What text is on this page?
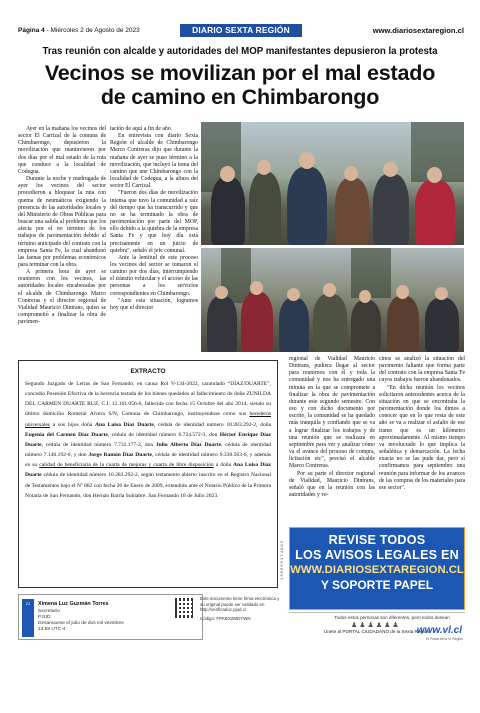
Página 4 - Miércoles 2 de Agosto de 2023	DIARIO SEXTA REGIÓN	www.diariosextaregion.cl
Tras reunión con alcalde y autoridades del MOP manifestantes depusieron la protesta
Vecinos se movilizan por el mal estado
de camino en Chimbarongo

Ayer en la mañana los vecinos del sector El Carrizal de la comuna de Chimbarongo, depusieron la movilización que mantuvieron por dos días por el mal estado de la ruta que conduce a la localidad de Codegua.

Durante la noche y madrugada de ayer los vecinos del sector procedieron a bloquear la ruta con quema de neumáticos exigiendo la presencia de las autoridades locales y del Ministerio de Obras Públicas para buscar una salida al problema que los afecta por el no término de los trabajos de pavimentación debido al término anticipado del contrato con la empresa Santa Fe, la cual abandonó las faenas por problemas económicos para terminar con la obra.

A primera hora de ayer se reunieron con los vecinos, las autoridades locales encabezadas por el alcalde de Chimbarongo Marco Contreras y el director regional de Vialidad Mauricio Dintrans, quien se comprometió a finalizar la obra de pavimen-

tación de aquí a fin de año.

En entrevista con diario Sexta Región el alcalde de Chimbarongo Marco Contreras dijo que durante la mañana de ayer se puso término a la movilización, que incluyó la toma del camino que une Chimbarongo con la localidad de Codegua, a la altura del sector El Carrizal.

"Fueron dos días de movilización intensa que tuvo la comunidad a raíz del tiempo que ha transcurrido y que no se ha terminado la obra de pavimentación por parte del MOP, ello debido a la quiebra de la empresa Santa Fe y que hoy día está precisamente en un juicio de quiebra", señaló el jefe comunal.

Ante la lentitud de este proceso los vecinos del sector se tomaron el camino por dos días, interrumpiendo el tránsito vehicular y el acceso de las personas a los servicios correspondientes en Chimbarongo.

"Ante esta situación, logramos hoy que el director

EXTRACTO
Segundo Juzgado de Letras de San Fernando, en causa Rol V-134-2022, caratulado “DÍAZ/DUARTE”, concedió Posesión Efectiva de la herencia testada de los bienes quedados al fallecimiento de doña ZUNILDA DEL CARMEN DUARTE RUZ, C.I. 12.161.056-6, fallecida con fecha 15 Octubre del año 2014, siendo su último domicilio Romeral Alvera S/N, Comuna de Chimbarongo, instituyéndose como sus herederos universales a sus hijos doña Ana Luisa Díaz Duarte, cédula de identidad número 10.283.292-2, doña Eugenia del Carmen Díaz Duarte, cédula de identidad número 6.724.572-3, don Héctor Enrique Díaz Duarte, cédula de identidad número 7.732.177-2, don Julio Alberto Díaz Duarte, cédula de identidad número 7.146.192-0, y don Jorge Ramón Díaz Duarte, cédula de identidad número 9.330.563-6, y además en su calidad de beneficiaria de la cuarta de mejoras y cuarta de libre disposición a doña Ana Luisa Díaz Duarte cédula de identidad número 10.283.292-2, según testamento abierto inscrito en el Registro Nacional de Testamentos bajo el Nº 882 con fecha 26 de Enero de 2009, extendido ante el Notario Público de la Primera Notaría de San Fernando, don Hernán Barría Subiabre. San Fernando 18 de Julio 2023.
1 3 9 5 5 6 1 7 4 0 0 2

regional de Vialidad Mauricio Dintrans, pudiera llegar al sector para reunirnos con él y toda la comunidad y nos ha entregado una minuta en la que se compromete a finalizar la obra de pavimentación durante este segundo semestre. Con eso y con dicho documento por escrito, la comunidad se ha quedado más tranquila y confiando que se va a lograr finalizar los trabajos y de una reunión que se realizará en septiembre para ver y analizar cómo va el avance del proceso de compra, licitación etc", precisó el alcalde Marco Contreras.

Por su parte el director regional de Vialidad, Mauricio Dintrans, señaló que en la reunión con las autoridades y ve-

cinos se analizó la situación del pavimento faltante que forma parte del contrato con la empresa Santa Fe cuyos trabajos fueron abandonados.

"En dicha reunión los vecinos solicitaron antecedentes acerca de la situación en que se encontraba la pavimentación donde los dimos a conocer que en lo que resta de este año se va a realizar el asfalto de ese tramo que es un kilómetro aproximadamente. Al mismo tiempo va involucrado lo que implica la señalética y demarcación. La fecha exacta no se las pude dar, pero sí confirmamos para septiembre una reunión para informar de los avances de las compras de los materiales para ese sector".

REVISE TODOS
LOS AVISOS LEGALES EN
WWW.DIARIOSEXTAREGION.CL
Y SOPORTE PAPEL
2J	Ximena Luz Guzmán Torres
Secretario
PJUD
Desanuuese el julio de dos mil veintitres
13:58 UTC-4
Este documento tiene firma electrónica y su original puede ser validado en http://verificadoc.pjud.cl
Código: FPKBXZMDYWN	Todos estos personas son diferentes, pero todos desean
♟♟♟♟♟♟
Únete al PORTAL CIUDADANO de la Sexta Región
www.vl.cl
El Portal de la VI Región
